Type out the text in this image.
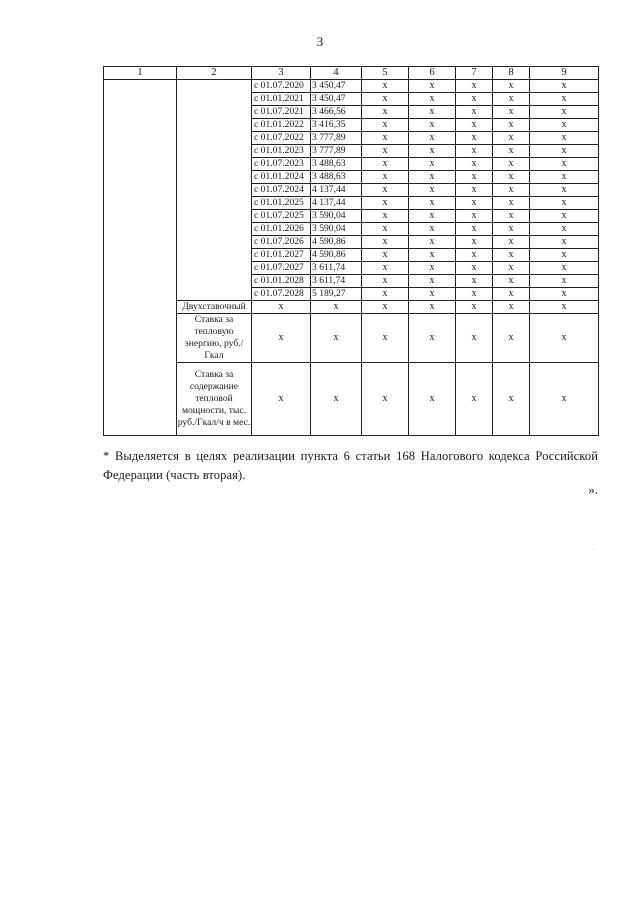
3
1	2	3	4	5	6	7	8	9
		с 01.07.2020	3 450,47	х	х	х	х	х
		с 01.01.2021	3 450,47	х	х	х	х	х
		с 01.07.2021	3 466,56	х	х	х	х	х
		с 01.01.2022	3 416,35	х	х	х	х	х
		с 01.07.2022	3 777,89	х	х	х	х	х
		с 01.01.2023	3 777,89	х	х	х	х	х
		с 01.07.2023	3 488,63	х	х	х	х	х
		с 01.01.2024	3 488,63	х	х	х	х	х
		с 01.07.2024	4 137,44	х	х	х	х	х
		с 01.01.2025	4 137,44	х	х	х	х	х
		с 01.07.2025	3 590,04	х	х	х	х	х
		с 01.01.2026	3 590,04	х	х	х	х	х
		с 01.07.2026	4 590,86	х	х	х	х	х
		с 01.01.2027	4 590,86	х	х	х	х	х
		с 01.07.2027	3 611,74	х	х	х	х	х
		с 01.01.2028	3 611,74	х	х	х	х	х
		с 01.07.2028	5 189,27	х	х	х	х	х
	Двухставочный	х	х	х	х	х	х	х
	Ставка за тепловую энергию, руб./Гкал	х	х	х	х	х	х	х
	Ставка за содержание тепловой мощности, тыс. руб./Гкал/ч в мес.	х	х	х	х	х	х	х
* Выделяется в целях реализации пункта 6 статьи 168 Налогового кодекса Российской Федерации (часть вторая).
».
